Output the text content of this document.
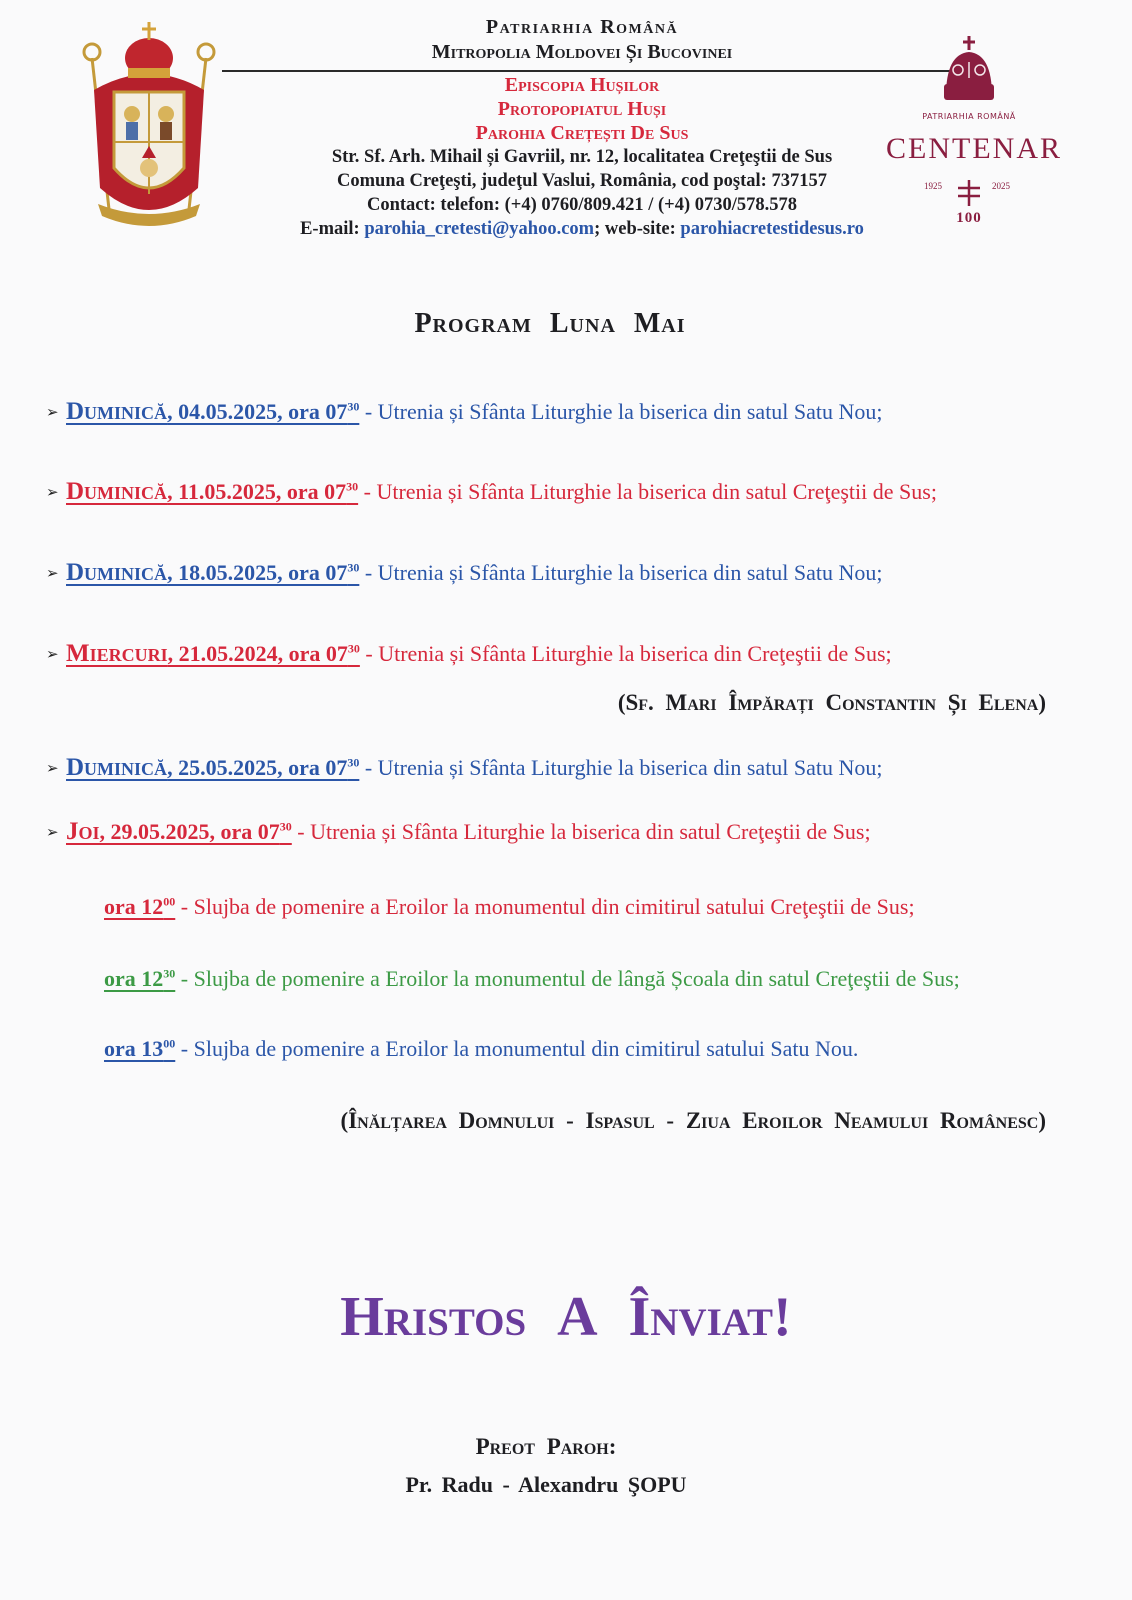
Patriarhia Română
Mitropolia Moldovei Și Bucovinei
Episcopia Hușilor
Protopopiatul Huși
Parohia Crețești De Sus
Str. Sf. Arh. Mihail și Gavriil, nr. 12, localitatea Creţeştii de Sus
Comuna Creţeşti, judeţul Vaslui, România, cod poştal: 737157
Contact: telefon: (+4) 0760/809.421 / (+4) 0730/578.578
E-mail: parohia_cretesti@yahoo.com; web-site: parohiacretestidesus.ro
PATRIARHIA ROMÂNĂ
CENTENAR
1925	2025
100
Program Luna Mai
➢ Duminică, 04.05.2025, ora $07^{30}$ - Utrenia și Sfânta Liturghie la biserica din satul Satu Nou;
➢ Duminică, 11.05.2025, ora $07^{30}$ - Utrenia și Sfânta Liturghie la biserica din satul Creţeştii de Sus;
➢ Duminică, 18.05.2025, ora $07^{30}$ - Utrenia și Sfânta Liturghie la biserica din satul Satu Nou;
➢ Miercuri, 21.05.2024, ora $07^{30}$ - Utrenia și Sfânta Liturghie la biserica din Creţeştii de Sus;
(Sf. Mari Împărați Constantin Și Elena)
➢ Duminică, 25.05.2025, ora $07^{30}$ - Utrenia și Sfânta Liturghie la biserica din satul Satu Nou;
➢ Joi, 29.05.2025, ora $07^{30}$ - Utrenia și Sfânta Liturghie la biserica din satul Creţeştii de Sus;
ora $12^{00}$ - Slujba de pomenire a Eroilor la monumentul din cimitirul satului Creţeştii de Sus;
ora $12^{30}$ - Slujba de pomenire a Eroilor la monumentul de lângă Școala din satul Creţeştii de Sus;
ora $13^{00}$ - Slujba de pomenire a Eroilor la monumentul din cimitirul satului Satu Nou.
(Înălțarea Domnului - Ispasul - Ziua Eroilor Neamului Românesc)
Hristos A Înviat!
Preot Paroh:
Pr. Radu - Alexandru ŞOPU
